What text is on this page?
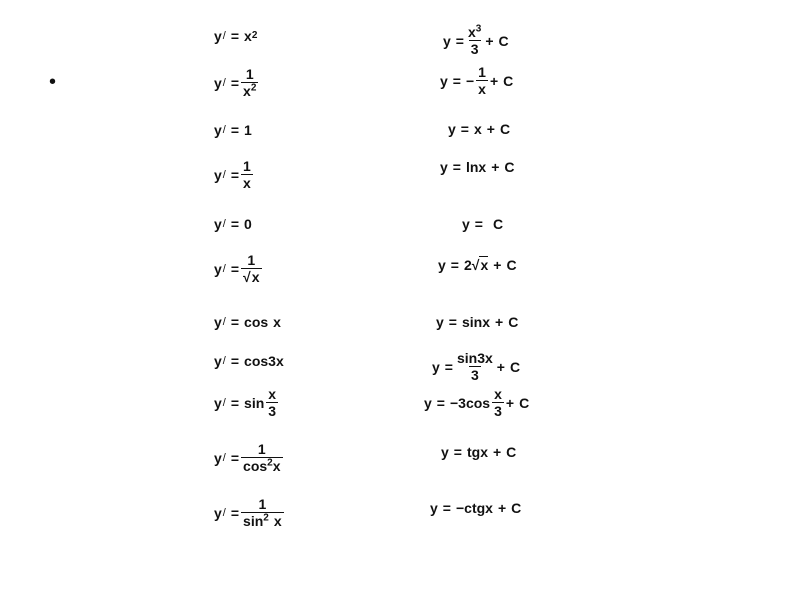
•
y / = x 2	$y = \frac{x^3}{3} + C$
y / = $\frac{1}{x^2}$	y = − $\frac{1}{x} + C$
y / = 1	y = x + C
y / = $\frac{1}{x}$	y = lnx + C
y / = 0	y = C
y / = $\frac{1}{√x}$	y = 2 √ x + C
y / = cos x	y = sinx + C
y / = cos3x	$y = \frac{\sin 3x}{3} + C$
y / = $\sin \frac{x}{3}$	$y = -3\cos \frac{x}{3} + C$
y / = $\frac{1}{\cos^2x}$	y = tgx + C
y / = $\frac{1}{\sin^2 x}$	y = −ctgx + C
